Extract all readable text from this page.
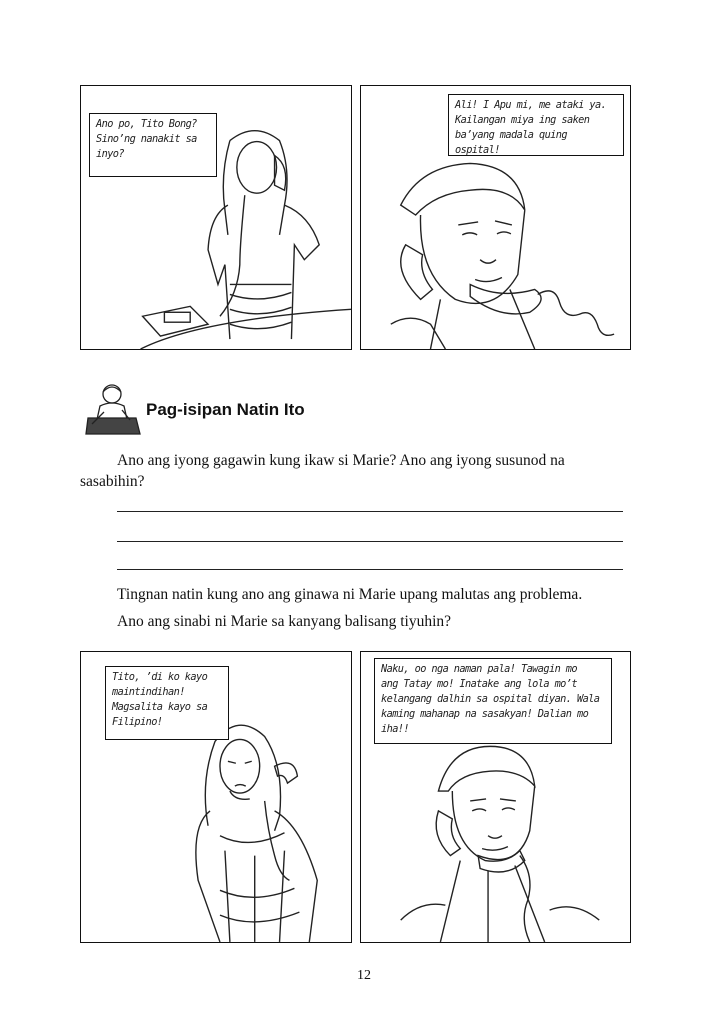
Ano po, Tito Bong?
Sino’ng nanakit sa
inyo?
Ali! I Apu mi, me ataki ya.
Kailangan miya ing saken
ba’yang madala quing ospital!
Pag-isipan Natin Ito
Ano ang iyong gagawin kung ikaw si Marie? Ano ang iyong susunod na
sasabihin?
Tingnan natin kung ano ang ginawa ni Marie upang malutas ang problema.
Ano ang sinabi ni Marie sa kanyang balisang tiyuhin?
Tito, ’di ko kayo
maintindihan!
Magsalita kayo sa
Filipino!
Naku, oo nga naman pala! Tawagin mo
ang Tatay mo! Inatake ang lola mo’t
kelangang dalhin sa ospital diyan. Wala
kaming mahanap na sasakyan! Dalian mo
iha!!
12
